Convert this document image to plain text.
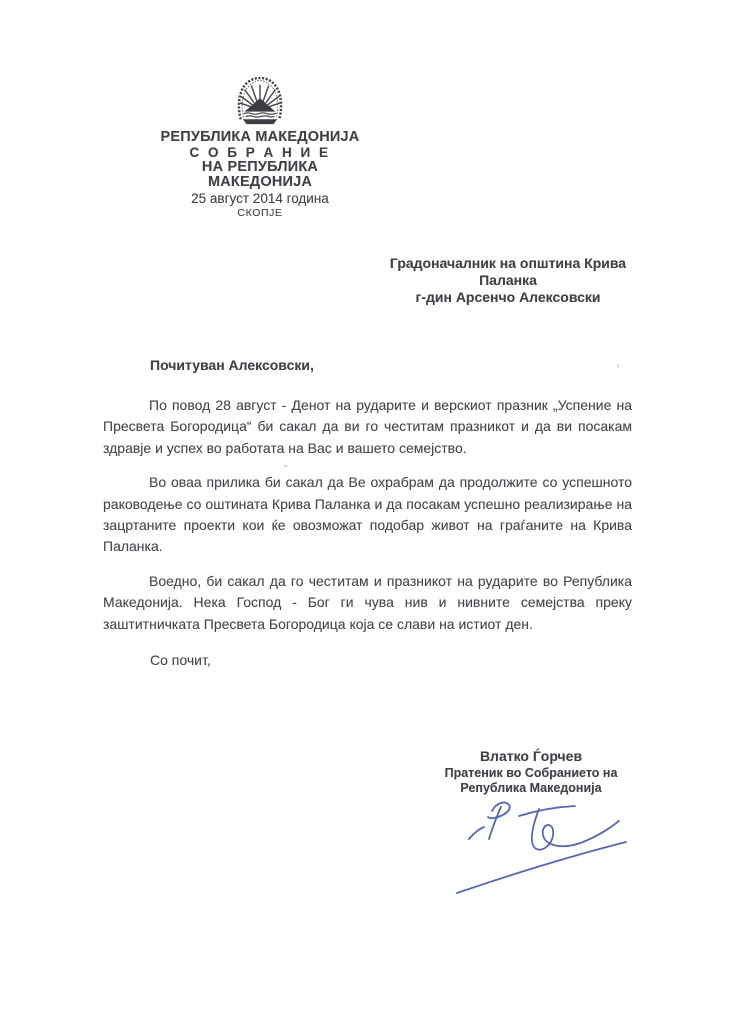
РЕПУБЛИКА МАКЕДОНИЈА
С О Б Р А Н И Е
НА РЕПУБЛИКА МАКЕДОНИЈА
25 август 2014 година
СКОПЈЕ
Градоначалник на општина Крива
Паланка
г-дин Арсенчо Алексовски
Почитуван Алексовски,

По повод 28 август - Денот на рударите и верскиот празник „Успение на Пресвета Богородица“ би сакал да ви го честитам празникот и да ви посакам здравје и успех во работата на Вас и вашето семејство.

Во оваа прилика би сакал да Ве охрабрам да продолжите со успешното раководење со оштината Крива Паланка и да посакам успешно реализирање на зацртаните проекти кои ќе овозможат подобар живот на граѓаните на Крива Паланка.

Воедно, би сакал да го честитам и празникот на рударите во Република Македонија. Нека Господ - Бог ги чува нив и нивните семејства преку заштитничката Пресвета Богородица која се слави на истиот ден.

Со почит,
Влатко Ѓорчев
Пратеник во Собранието на
Република Македонија
ᵥ
